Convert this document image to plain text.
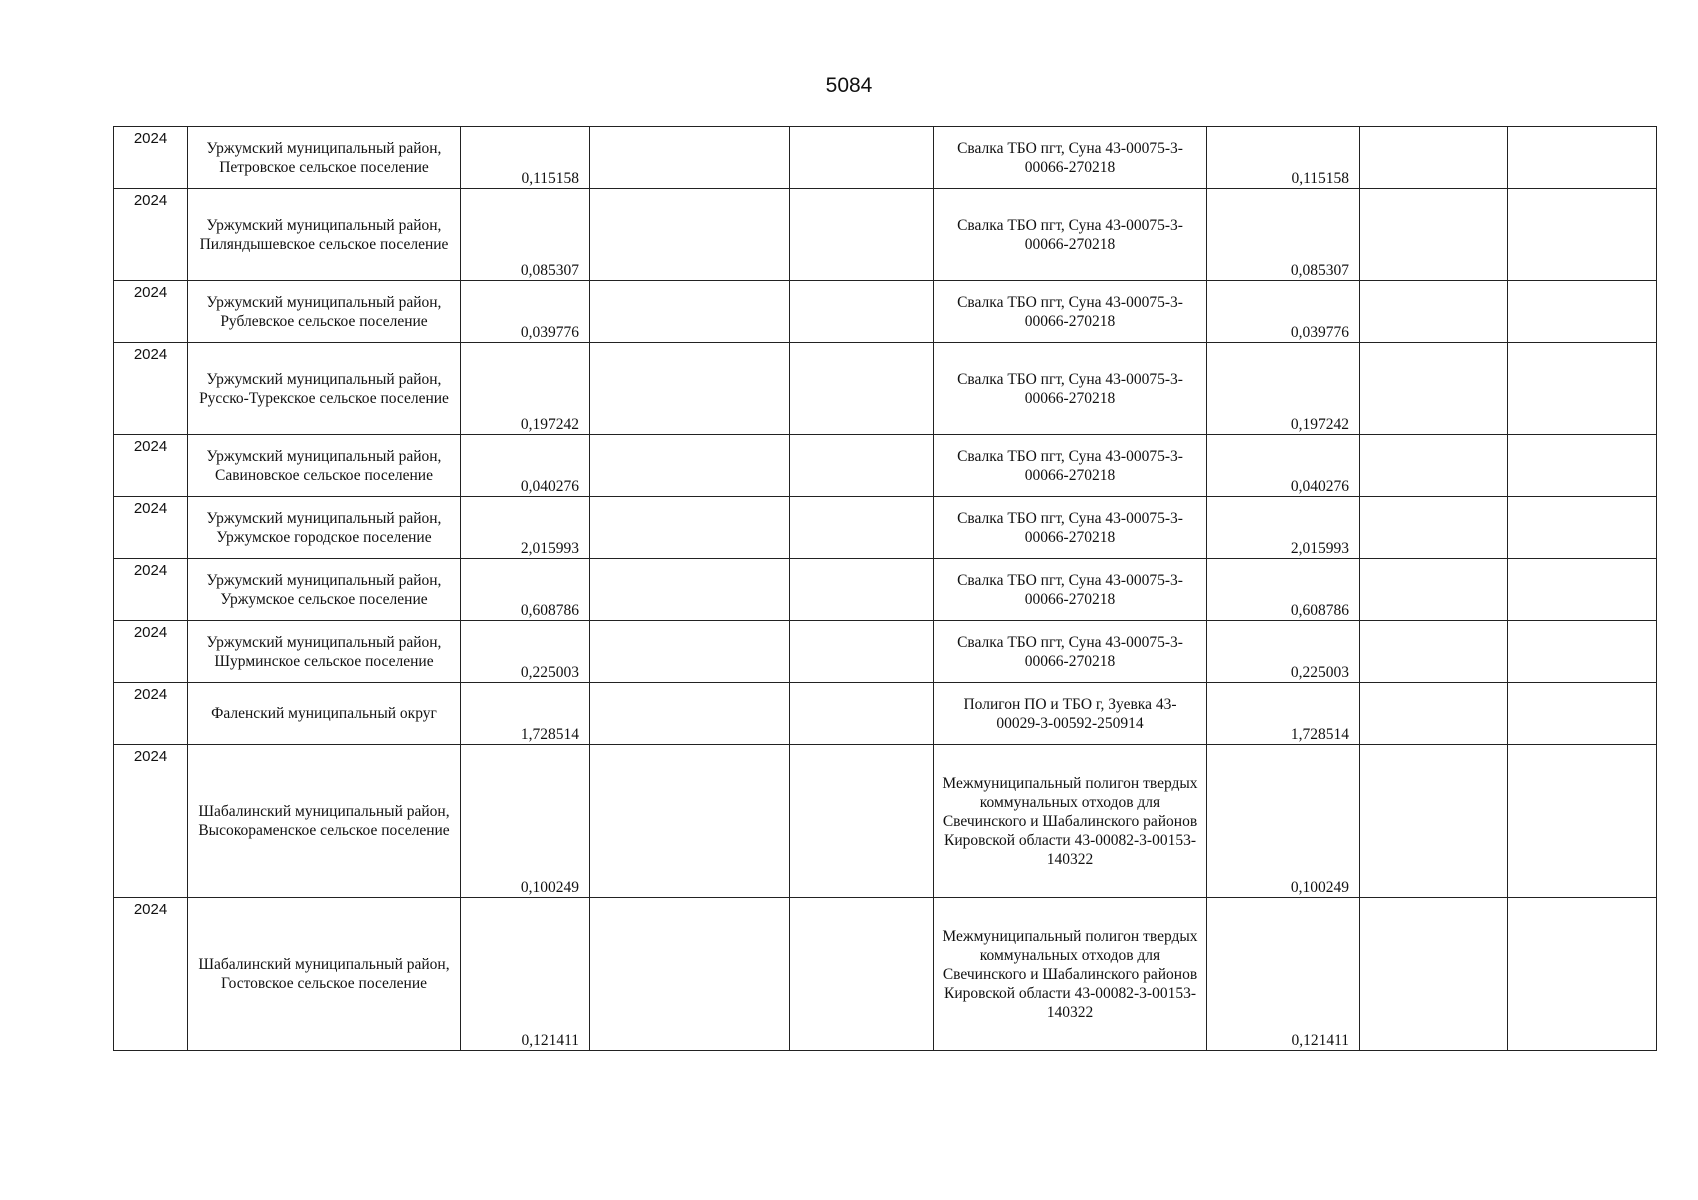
5084
2024	Уржумский муниципальный район, Петровское сельское поселение	0,115158			Свалка ТБО пгт, Суна 43-00075-3-00066-270218	0,115158		
2024	Уржумский муниципальный район, Пиляндышевское сельское поселение	0,085307			Свалка ТБО пгт, Суна 43-00075-3-00066-270218	0,085307		
2024	Уржумский муниципальный район, Рублевское сельское поселение	0,039776			Свалка ТБО пгт, Суна 43-00075-3-00066-270218	0,039776		
2024	Уржумский муниципальный район, Русско-Турекское сельское поселение	0,197242			Свалка ТБО пгт, Суна 43-00075-3-00066-270218	0,197242		
2024	Уржумский муниципальный район, Савиновское сельское поселение	0,040276			Свалка ТБО пгт, Суна 43-00075-3-00066-270218	0,040276		
2024	Уржумский муниципальный район, Уржумское городское поселение	2,015993			Свалка ТБО пгт, Суна 43-00075-3-00066-270218	2,015993		
2024	Уржумский муниципальный район, Уржумское сельское поселение	0,608786			Свалка ТБО пгт, Суна 43-00075-3-00066-270218	0,608786		
2024	Уржумский муниципальный район, Шурминское сельское поселение	0,225003			Свалка ТБО пгт, Суна 43-00075-3-00066-270218	0,225003		
2024	Фаленский муниципальный округ	1,728514			Полигон ПО и ТБО г, Зуевка 43-00029-3-00592-250914	1,728514		
2024	Шабалинский муниципальный район, Высокораменское сельское поселение	0,100249			Межмуниципальный полигон твердых коммунальных отходов для Свечинского и Шабалинского районов Кировской области 43-00082-3-00153-140322	0,100249		
2024	Шабалинский муниципальный район, Гостовское сельское поселение	0,121411			Межмуниципальный полигон твердых коммунальных отходов для Свечинского и Шабалинского районов Кировской области 43-00082-3-00153-140322	0,121411		
